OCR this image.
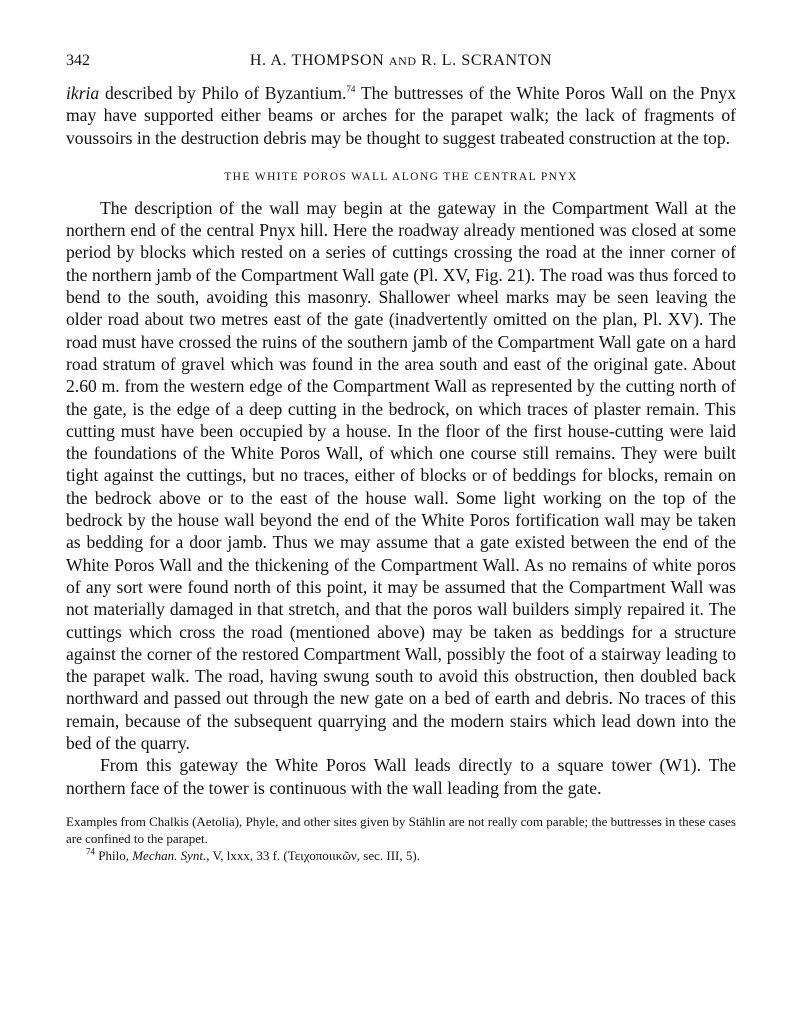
342	H. A. THOMPSON AND R. L. SCRANTON

ikria described by Philo of Byzantium.$^{74}$ The buttresses of the White Poros Wall on the Pnyx may have supported either beams or arches for the parapet walk; the lack of fragments of voussoirs in the destruction debris may be thought to suggest trabeated construction at the top.

THE WHITE POROS WALL ALONG THE CENTRAL PNYX

The description of the wall may begin at the gateway in the Compartment Wall at the northern end of the central Pnyx hill. Here the roadway already mentioned was closed at some period by blocks which rested on a series of cuttings crossing the road at the inner corner of the northern jamb of the Compartment Wall gate (Pl. XV, Fig. 21). The road was thus forced to bend to the south, avoiding this masonry. Shallower wheel marks may be seen leaving the older road about two metres east of the gate (inadvertently omitted on the plan, Pl. XV). The road must have crossed the ruins of the southern jamb of the Compartment Wall gate on a hard road stratum of gravel which was found in the area south and east of the original gate. About 2.60 m. from the western edge of the Compartment Wall as represented by the cutting north of the gate, is the edge of a deep cutting in the bedrock, on which traces of plaster remain. This cutting must have been occupied by a house. In the floor of the first house-cutting were laid the foundations of the White Poros Wall, of which one course still remains. They were built tight against the cuttings, but no traces, either of blocks or of beddings for blocks, remain on the bedrock above or to the east of the house wall. Some light working on the top of the bedrock by the house wall beyond the end of the White Poros fortification wall may be taken as bedding for a door jamb. Thus we may assume that a gate existed between the end of the White Poros Wall and the thickening of the Compartment Wall. As no remains of white poros of any sort were found north of this point, it may be assumed that the Compartment Wall was not materially damaged in that stretch, and that the poros wall builders simply repaired it. The cuttings which cross the road (mentioned above) may be taken as beddings for a structure against the corner of the restored Compartment Wall, possibly the foot of a stairway leading to the parapet walk. The road, having swung south to avoid this obstruction, then doubled back northward and passed out through the new gate on a bed of earth and debris. No traces of this remain, because of the subsequent quarrying and the modern stairs which lead down into the bed of the quarry.

From this gateway the White Poros Wall leads directly to a square tower (W1). The northern face of the tower is continuous with the wall leading from the gate.

Examples from Chalkis (Aetolia), Phyle, and other sites given by Stählin are not really com parable; the buttresses in these cases are confined to the parapet.
$^{74}$ Philo, Mechan. Synt., V, lxxx, 33 f. (Τειχοποιικῶν, sec. III, 5).
